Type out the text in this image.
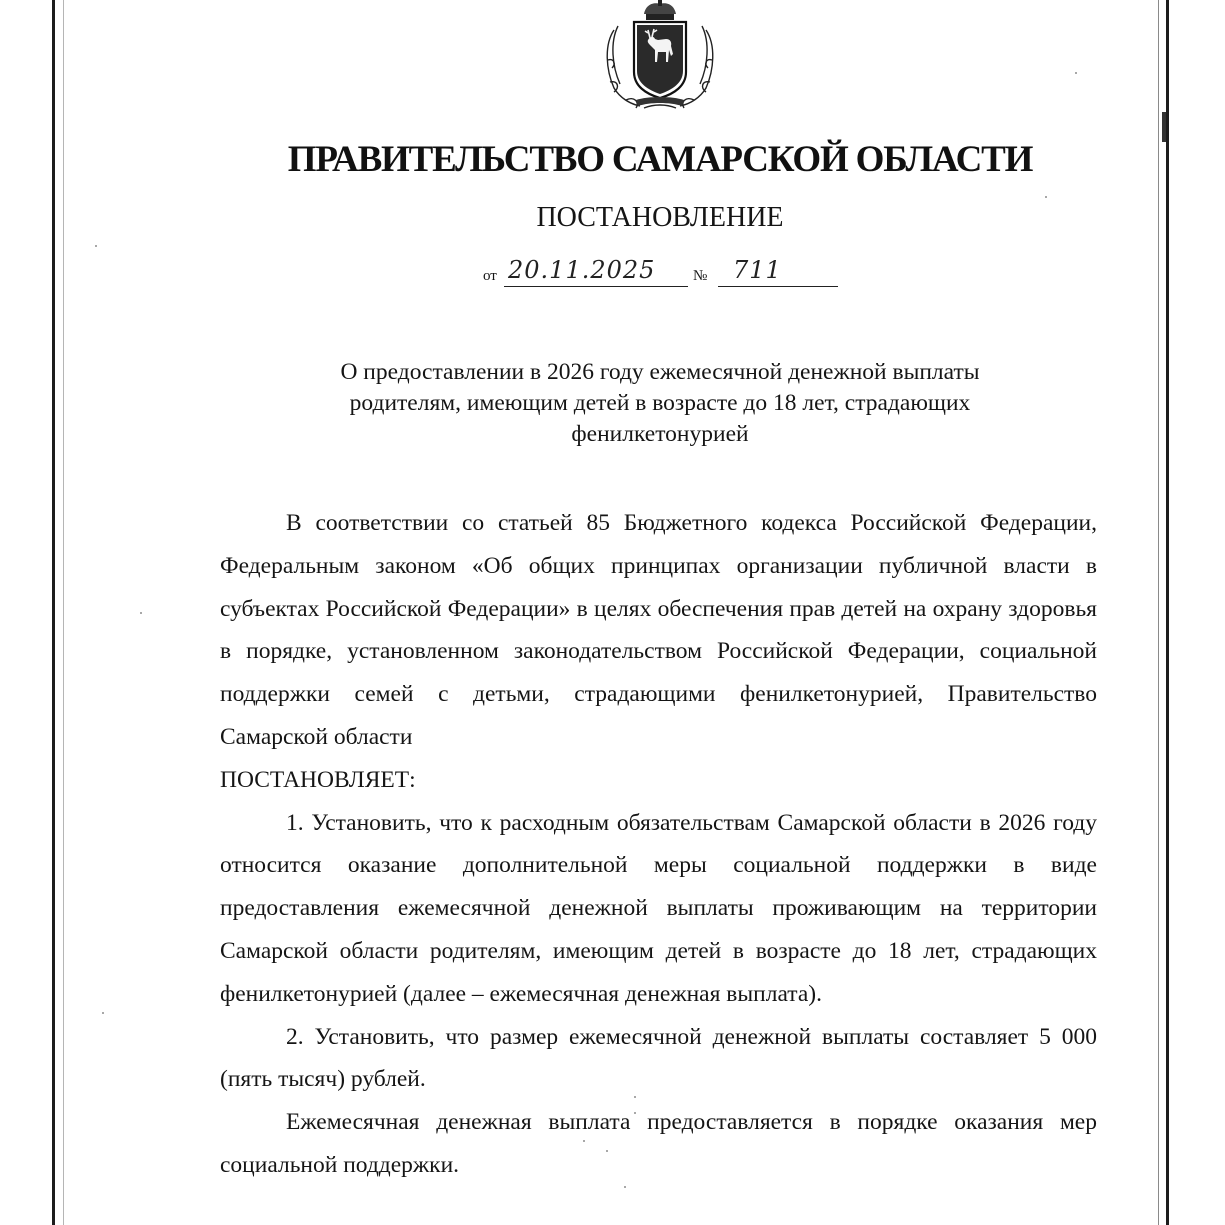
ПРАВИТЕЛЬСТВО САМАРСКОЙ ОБЛАСТИ
ПОСТАНОВЛЕНИЕ
от 20.11.2025	№ 711
О предоставлении в 2026 году ежемесячной денежной выплаты
родителям, имеющим детей в возрасте до 18 лет, страдающих
фенилкетонурией

В соответствии со статьей 85 Бюджетного кодекса Российской Федерации, Федеральным законом «Об общих принципах организации публичной власти в субъектах Российской Федерации» в целях обеспечения прав детей на охрану здоровья в порядке, установленном законодательством Российской Федерации, социальной поддержки семей с детьми, страдающими фенилкетонурией, Правительство Самарской области

ПОСТАНОВЛЯЕТ:

1. Установить, что к расходным обязательствам Самарской области в 2026 году относится оказание дополнительной меры социальной поддержки в виде предоставления ежемесячной денежной выплаты проживающим на территории Самарской области родителям, имеющим детей в возрасте до 18 лет, страдающих фенилкетонурией (далее – ежемесячная денежная выплата).

2. Установить, что размер ежемесячной денежной выплаты составляет 5 000 (пять тысяч) рублей.

Ежемесячная денежная выплата предоставляется в порядке оказания мер социальной поддержки.
